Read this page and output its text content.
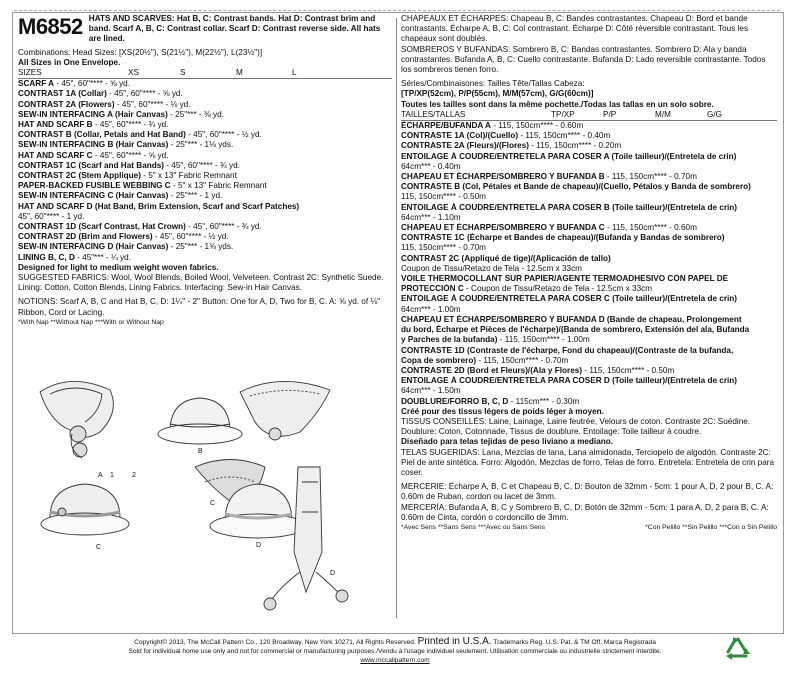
M6852 HATS AND SCARVES: Hat B, C: Contrast bands. Hat D: Contrast brim and band. Scarf A, B, C: Contrast collar. Scarf D: Contrast reverse side. All hats are lined.
Combinations: Head Sizes: [XS(20½"), S(21½"), M(22½"), L(23½")]
All Sizes in One Envelope.
SIZES	XS	S	M	L
SCARF A - 45", 60"**** - ⅝ yd.
CONTRAST 1A (Collar) - 45", 60"**** - ⅝ yd.
CONTRAST 2A (Flowers) - 45", 60"**** - ⅛ yd.
SEW-IN INTERFACING A (Hair Canvas) - 25"*** - ⅜ yd.
HAT AND SCARF B - 45", 60"**** - ¾ yd.
CONTRAST B (Collar, Petals and Hat Band) - 45", 60"**** - ½ yd.
SEW-IN INTERFACING B (Hair Canvas) - 25"*** - 1⅛ yds.
HAT AND SCARF C - 45", 60"**** - ⅝ yd.
CONTRAST 1C (Scarf and Hat Bands) - 45", 60"**** - ¾ yd.
CONTRAST 2C (Stem Applique) - 5" x 13" Fabric Remnant
PAPER-BACKED FUSIBLE WEBBING C - 5" x 13" Fabric Remnant
SEW-IN INTERFACING C (Hair Canvas) - 25"*** - 1 yd.
HAT AND SCARF D (Hat Band, Brim Extension, Scarf and Scarf Patches)
45", 60"**** - 1 yd.
CONTRAST 1D (Scarf Contrast, Hat Crown) - 45", 60"**** - ¾ yd.
CONTRAST 2D (Brim and Flowers) - 45", 60"**** - ½ yd.
SEW-IN INTERFACING D (Hair Canvas) - 25"*** - 1⅝ yds.
LINING B, C, D - 45"*** - ¼ yd.
Designed for light to medium weight woven fabrics.
SUGGESTED FABRICS: Wool, Wool Blends, Boiled Wool, Velveteen. Contrast 2C: Synthetic Suede. Lining: Cotton, Cotton Blends, Lining Fabrics. Interfacing: Sew-in Hair Canvas.
NOTIONS: Scarf A, B, C and Hat B, C, D: 1¼" - 2" Button: One for A, D, Two for B, C. A: ⅝ yd. of ⅛" Ribbon, Cord or Lacing.
*With Nap **Without Nap ***With or Without Nap
A 1	2
B
C
C
D
D
CHAPEAUX ET ÉCHARPES: Chapeau B, C: Bandes contrastantes. Chapeau D: Bord et bande contrastants. Écharpe A, B, C: Col contrastant. Écharpe D: Côté réversible contrastant. Tous les chapeaux sont doublés.
SOMBREROS Y BUFANDAS: Sombrero B, C: Bandas contrastantes. Sombrero D: Ala y banda contrastantes. Bufanda A, B, C: Cuello contrastante. Bufanda D: Lado reversible contrastante. Todos los sombreros tienen forro.
Séries/Combinaisones: Tailles Tête/Tallas Cabeza:
[TP/XP(52cm), P/P(55cm), M/M(57cm), G/G(60cm)]
Toutes les tailles sont dans la même pochette./Todas las tallas en un solo sobre.
TAILLES/TALLAS	TP/XP	P/P	M/M	G/G
ÉCHARPE/BUFANDA A - 115, 150cm**** - 0.60m
CONTRASTE 1A (Col)/(Cuello) - 115, 150cm**** - 0.40m
CONTRASTE 2A (Fleurs)/(Flores) - 115, 150cm**** - 0.20m
ENTOILAGE À COUDRE/ENTRETELA PARA COSER A (Toile tailleur)/(Entretela de crin)
64cm*** - 0.40m
CHAPEAU ET ÉCHARPE/SOMBRERO Y BUFANDA B - 115, 150cm**** - 0.70m
CONTRASTE B (Col, Pétales et Bande de chapeau)/(Cuello, Pétalos y Banda de sombrero)
115, 150cm**** - 0.50m
ENTOILAGE À COUDRE/ENTRETELA PARA COSER B (Toile tailleur)/(Entretela de crin)
64cm*** - 1.10m
CHAPEAU ET ÉCHARPE/SOMBRERO Y BUFANDA C - 115, 150cm**** - 0.60m
CONTRASTE 1C (Écharpe et Bandes de chapeau)/(Bufanda y Bandas de sombrero)
115, 150cm**** - 0.70m
CONTRAST 2C (Appliqué de tige)/(Aplicación de tallo)
Coupon de Tissu/Retazo de Tela - 12.5cm x 33cm
VOILE THERMOCOLLANT SUR PAPIER/AGENTE TERMOADHESIVO CON PAPEL DE
PROTECCIÓN C - Coupon de Tissu/Retazo de Tela - 12.5cm x 33cm
ENTOILAGE À COUDRE/ENTRETELA PARA COSER C (Toile tailleur)/(Entretela de crin)
64cm*** - 1.00m
CHAPEAU ET ÉCHARPE/SOMBRERO Y BUFANDA D (Bande de chapeau, Prolongement
du bord, Écharpe et Pièces de l'écharpe)/(Banda de sombrero, Extensión del ala, Bufanda
y Parches de la bufanda) - 115, 150cm**** - 1.00m
CONTRASTE 1D (Contraste de l'écharpe, Fond du chapeau)/(Contraste de la bufanda,
Copa de sombrero) - 115, 150cm**** - 0.70m
CONTRASTE 2D (Bord et Fleurs)/(Ala y Flores) - 115, 150cm**** - 0.50m
ENTOILAGE À COUDRE/ENTRETELA PARA COSER D (Toile tailleur)/(Entretela de crin)
64cm*** - 1.50m
DOUBLURE/FORRO B, C, D - 115cm*** - 0.30m
Créé pour des tissus légers de poids léger à moyen.
TISSUS CONSEILLÉS: Laine, Lainage, Laine feutrée, Velours de coton. Contraste 2C: Suédine. Doublure: Coton, Cotonnade, Tissus de doublure. Entoilage: Toile tailleur à coudre.
Diseñado para telas tejidas de peso liviano a mediano.
TELAS SUGERIDAS: Lana, Mezclas de lana, Lana almidonada, Terciopelo de algodón. Contraste 2C: Piel de ante sintética. Forro: Algodón, Mezclas de forro, Telas de forro. Entretela: Entretela de crin para coser.
MERCERIE: Écharpe A, B, C et Chapeau B, C, D: Bouton de 32mm - 5cm: 1 pour A, D, 2 pour B, C. A: 0.60m de Ruban, cordon ou lacet de 3mm.
MERCERÍA: Bufanda A, B, C y Sombrero B, C, D: Botón de 32mm - 5cm: 1 para A, D, 2 para B, C. A: 0.60m de Cinta, cordón o cordoncillo de 3mm.
*Avec Sens **Sans Sens ***Avec ou Sans Sens	*Con Pelillo **Sin Pelillo ***Con o Sin Pelillo
Copyright© 2013, The McCall Pattern Co., 120 Broadway, New York 10271, All Rights Reserved. Printed in U.S.A. Trademarks Reg. U.S. Pat. & TM Off. Marca Registrada
Sold for individual home use only and not for commercial or manufacturing purposes./Vendu à l'usage individuel seulement. Utilisation commerciale ou industrielle strictement interdite.
www.mccallpattern.com
